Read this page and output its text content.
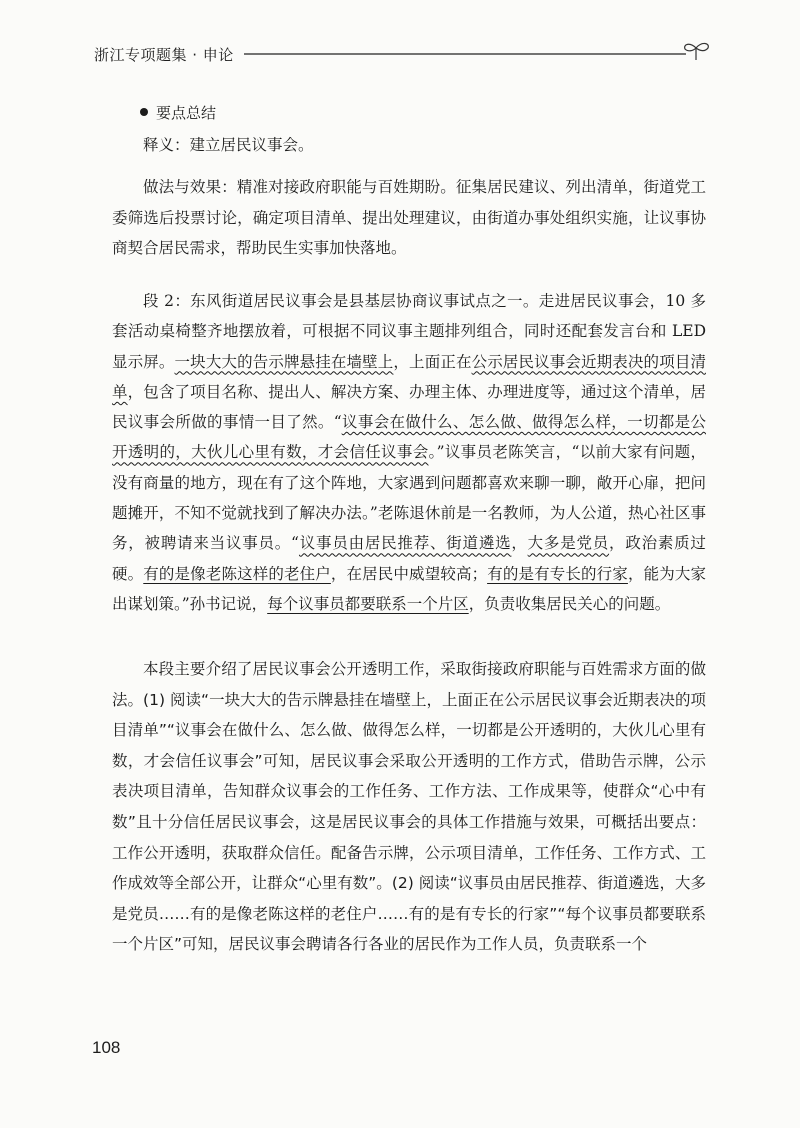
浙江专项题集 · 申论
要点总结
释义：建立居民议事会。
做法与效果：精准对接政府职能与百姓期盼。征集居民建议、列出清单，街道党工委筛选后投票讨论，确定项目清单、提出处理建议，由街道办事处组织实施，让议事协商契合居民需求，帮助民生实事加快落地。
段 2：东风街道居民议事会是县基层协商议事试点之一。走进居民议事会，10 多套活动桌椅整齐地摆放着，可根据不同议事主题排列组合，同时还配套发言台和 LED 显示屏。一块大大的告示牌悬挂在墙壁上，上面正在公示居民议事会近期表决的项目清单，包含了项目名称、提出人、解决方案、办理主体、办理进度等，通过这个清单，居民议事会所做的事情一目了然。“议事会在做什么、怎么做、做得怎么样，一切都是公开透明的，大伙儿心里有数，才会信任议事会。”议事员老陈笑言，“以前大家有问题，没有商量的地方，现在有了这个阵地，大家遇到问题都喜欢来聊一聊，敞开心扉，把问题摊开，不知不觉就找到了解决办法。”老陈退休前是一名教师，为人公道，热心社区事务，被聘请来当议事员。“议事员由居民推荐、街道遴选，大多是党员，政治素质过硬。有的是像老陈这样的老住户，在居民中威望较高；有的是有专长的行家，能为大家出谋划策。”孙书记说，每个议事员都要联系一个片区，负责收集居民关心的问题。
本段主要介绍了居民议事会公开透明工作，采取街接政府职能与百姓需求方面的做法。(1) 阅读“一块大大的告示牌悬挂在墙壁上，上面正在公示居民议事会近期表决的项目清单”“议事会在做什么、怎么做、做得怎么样，一切都是公开透明的，大伙儿心里有数，才会信任议事会”可知，居民议事会采取公开透明的工作方式，借助告示牌，公示表决项目清单，告知群众议事会的工作任务、工作方法、工作成果等，使群众“心中有数”且十分信任居民议事会，这是居民议事会的具体工作措施与效果，可概括出要点：工作公开透明，获取群众信任。配备告示牌，公示项目清单，工作任务、工作方式、工作成效等全部公开，让群众“心里有数”。(2) 阅读“议事员由居民推荐、街道遴选，大多是党员……有的是像老陈这样的老住户……有的是有专长的行家”“每个议事员都要联系一个片区”可知，居民议事会聘请各行各业的居民作为工作人员，负责联系一个
108
